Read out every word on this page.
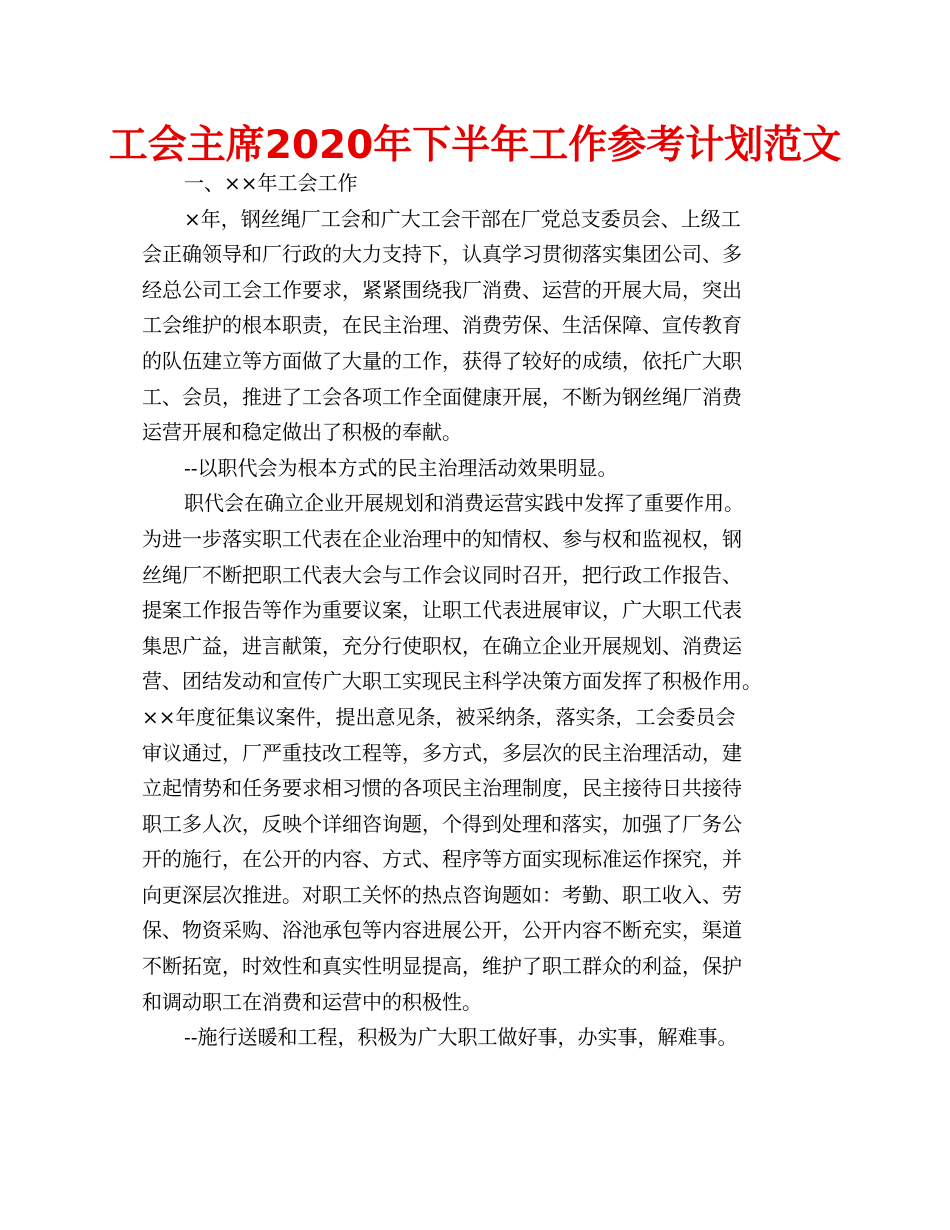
工会主席2020年下半年工作参考计划范文
一、××年工会工作
×年，钢丝绳厂工会和广大工会干部在厂党总支委员会、上级工
会正确领导和厂行政的大力支持下，认真学习贯彻落实集团公司、多
经总公司工会工作要求，紧紧围绕我厂消费、运营的开展大局，突出
工会维护的根本职责，在民主治理、消费劳保、生活保障、宣传教育
的队伍建立等方面做了大量的工作，获得了较好的成绩，依托广大职
工、会员，推进了工会各项工作全面健康开展，不断为钢丝绳厂消费
运营开展和稳定做出了积极的奉献。
--以职代会为根本方式的民主治理活动效果明显。
职代会在确立企业开展规划和消费运营实践中发挥了重要作用。
为进一步落实职工代表在企业治理中的知情权、参与权和监视权，钢
丝绳厂不断把职工代表大会与工作会议同时召开，把行政工作报告、
提案工作报告等作为重要议案，让职工代表进展审议，广大职工代表
集思广益，进言献策，充分行使职权，在确立企业开展规划、消费运
营、团结发动和宣传广大职工实现民主科学决策方面发挥了积极作用。
××年度征集议案件，提出意见条，被采纳条，落实条，工会委员会
审议通过，厂严重技改工程等，多方式，多层次的民主治理活动，建
立起情势和任务要求相习惯的各项民主治理制度，民主接待日共接待
职工多人次，反映个详细咨询题，个得到处理和落实，加强了厂务公
开的施行，在公开的内容、方式、程序等方面实现标准运作探究，并
向更深层次推进。对职工关怀的热点咨询题如：考勤、职工收入、劳
保、物资采购、浴池承包等内容进展公开，公开内容不断充实，渠道
不断拓宽，时效性和真实性明显提高，维护了职工群众的利益，保护
和调动职工在消费和运营中的积极性。
--施行送暖和工程，积极为广大职工做好事，办实事，解难事。
